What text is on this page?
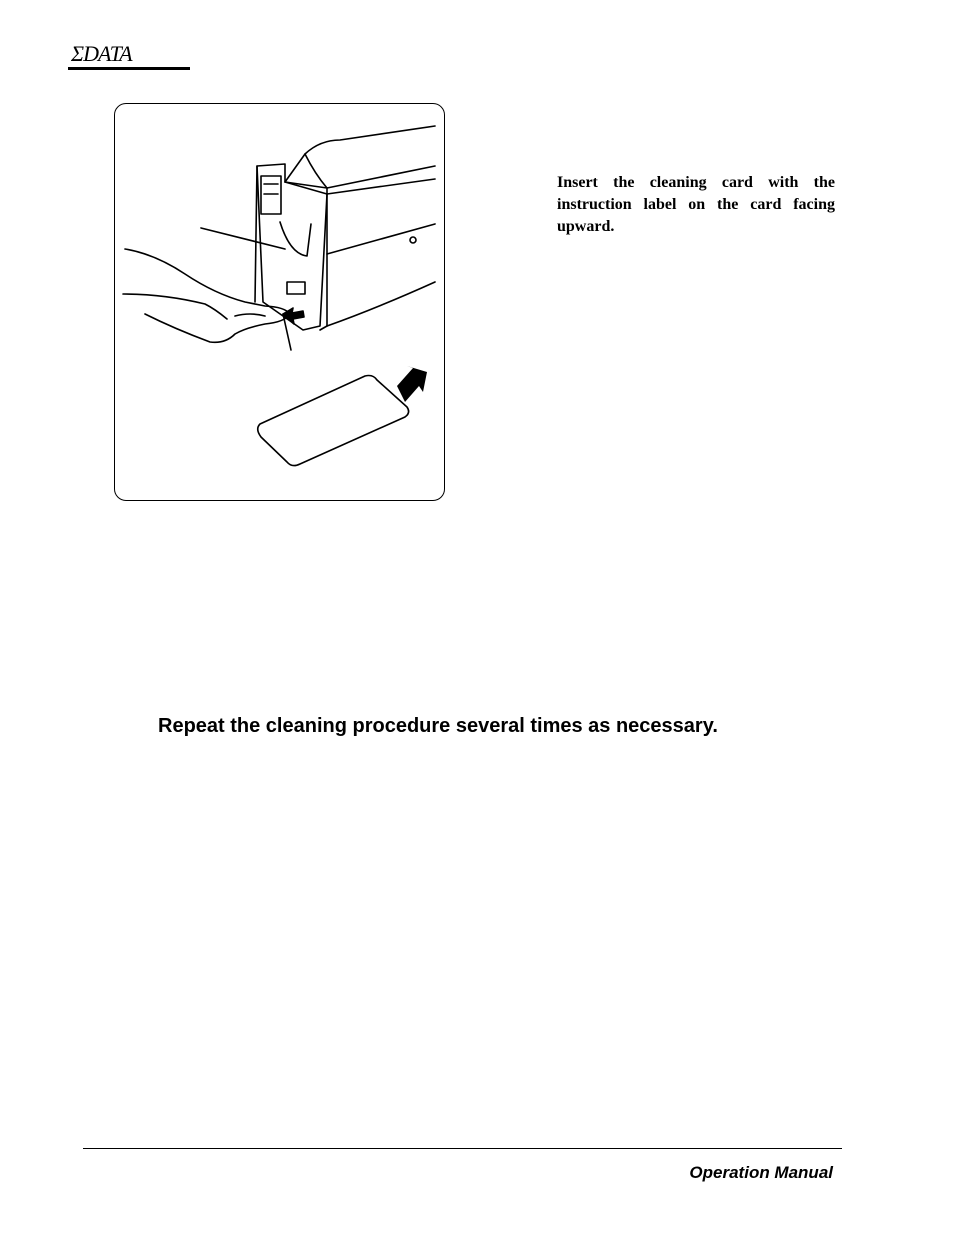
ΣDATA
Insert the cleaning card with the instruction label on the card facing upward.
Repeat the cleaning procedure several times as necessary.
Operation Manual
